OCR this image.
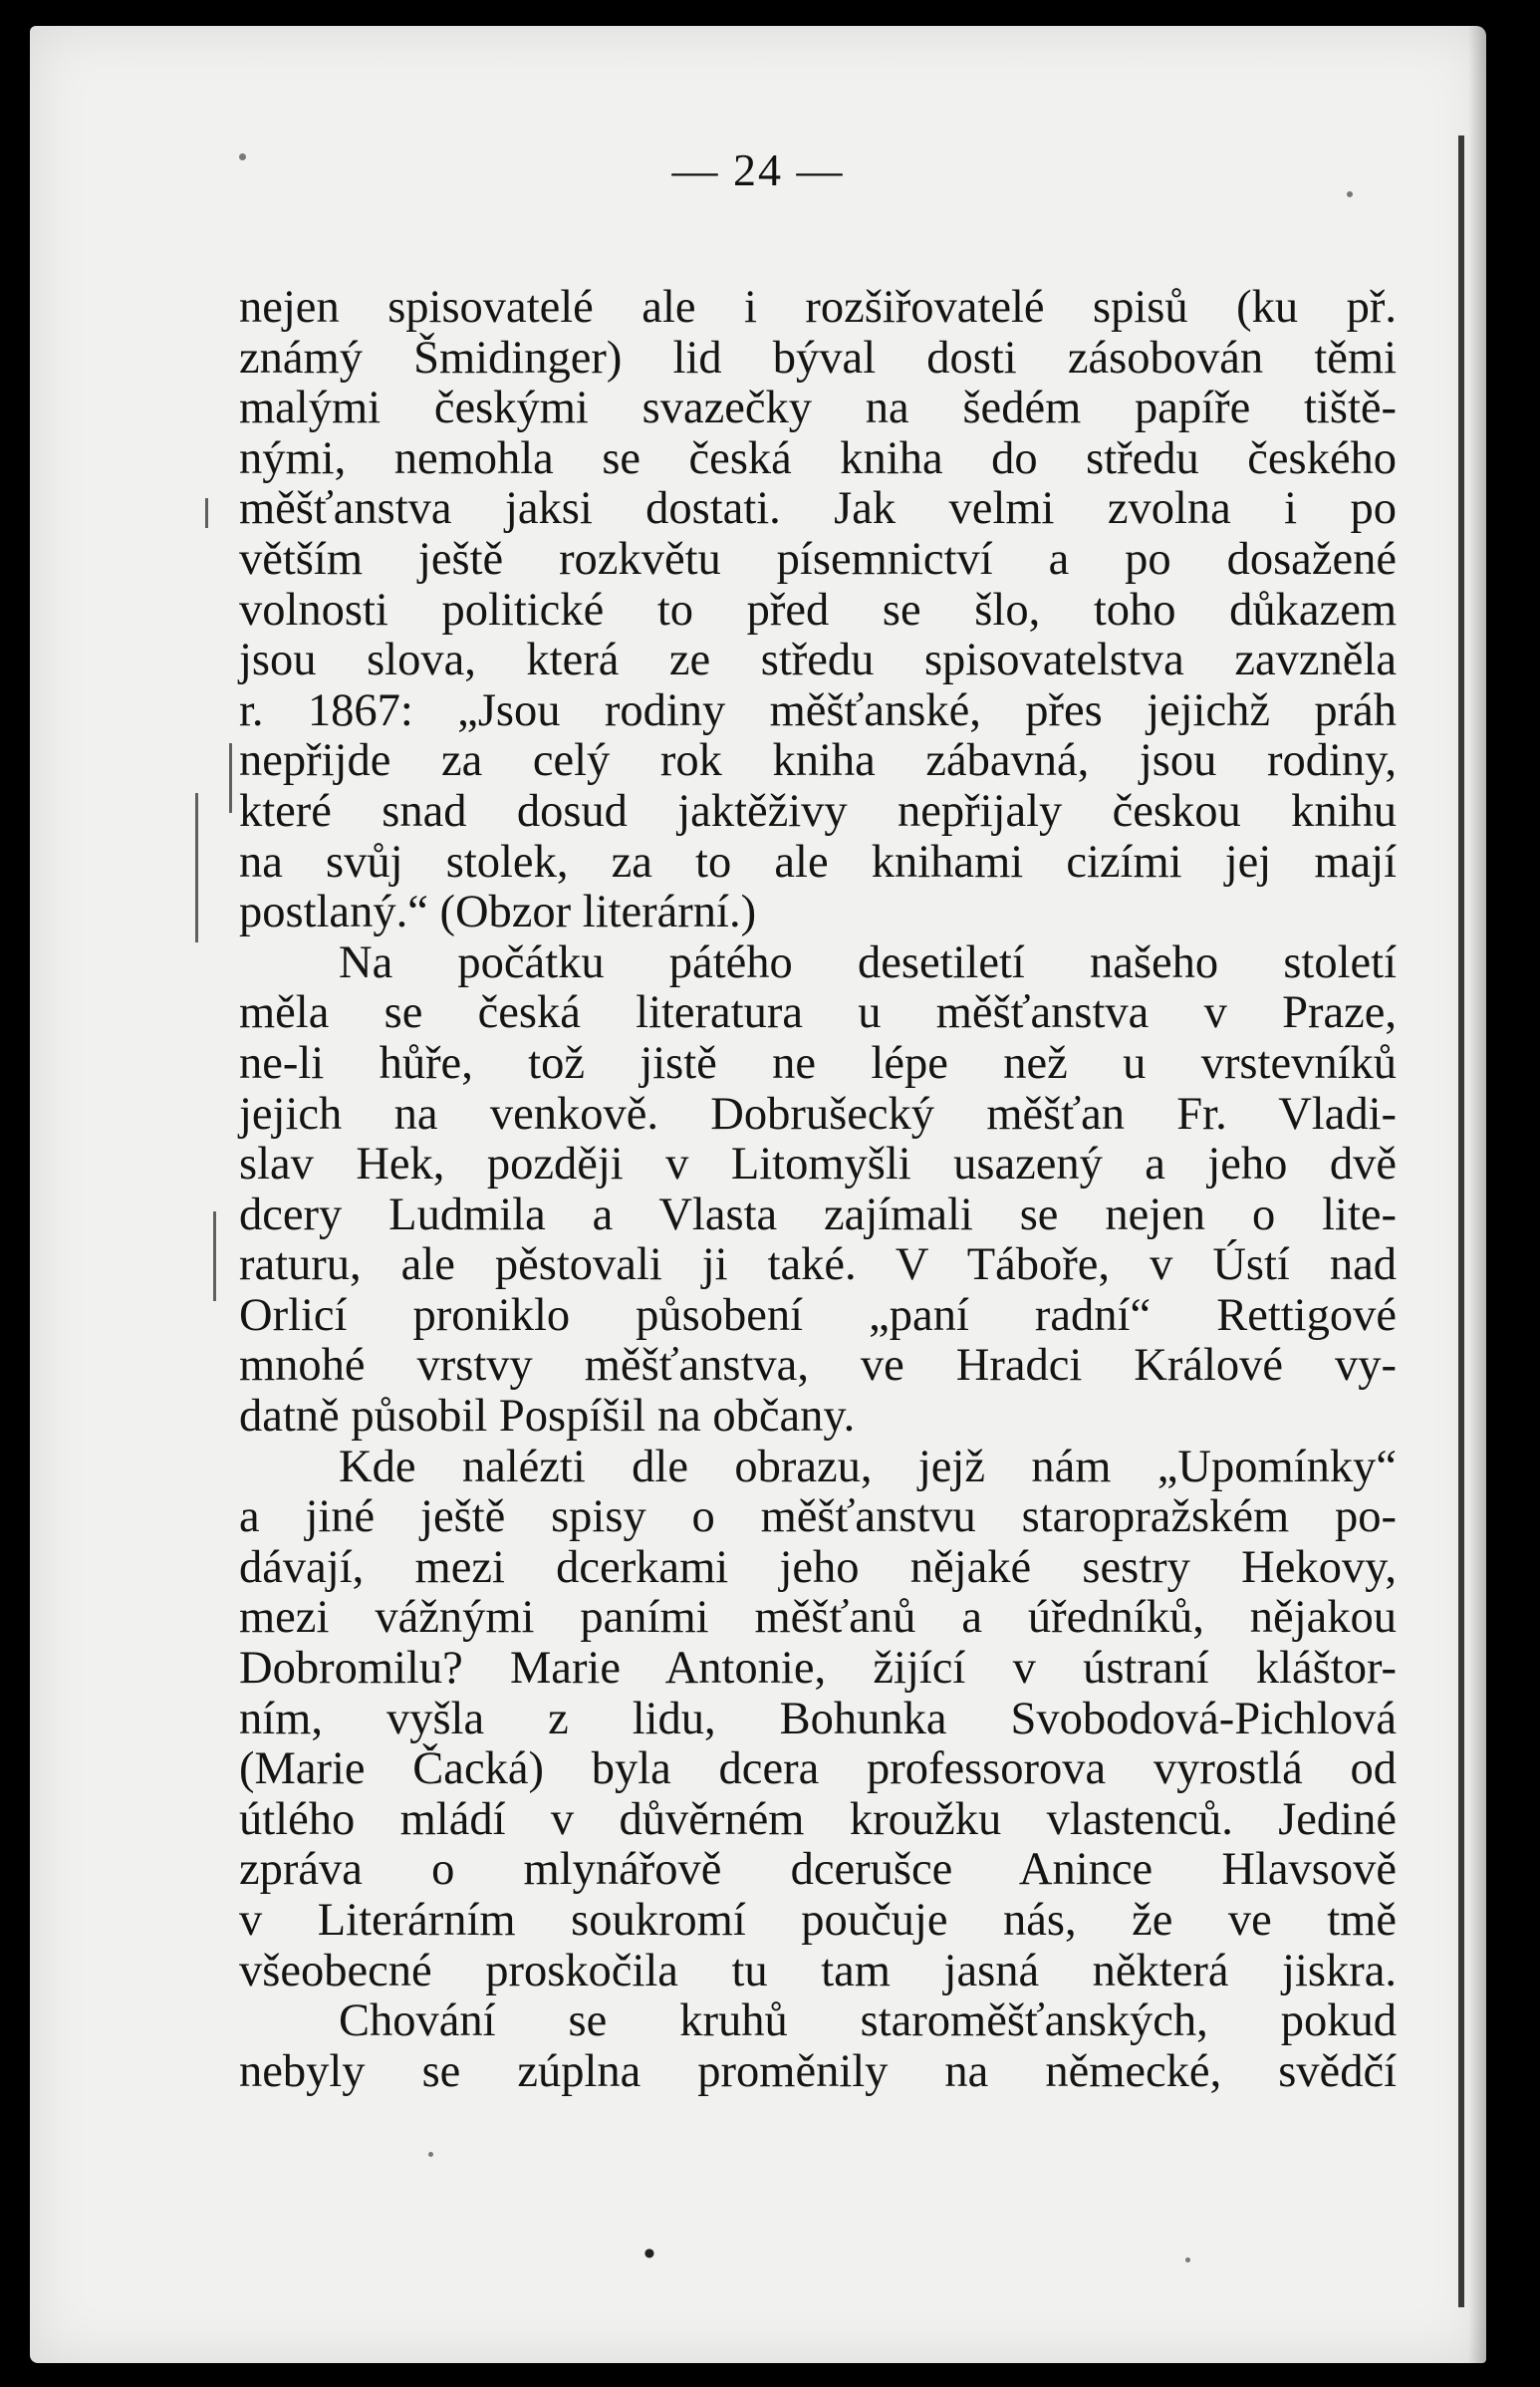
— 24 —
nejen spisovatelé ale i rozšiřovatelé spisů (ku př.
známý Šmidinger) lid býval dosti zásobován těmi
malými českými svazečky na šedém papíře tiště-
nými, nemohla se česká kniha do středu českého
měšťanstva jaksi dostati. Jak velmi zvolna i po
větším ještě rozkvětu písemnictví a po dosažené
volnosti politické to před se šlo, toho důkazem
jsou slova, která ze středu spisovatelstva zavzněla
r. 1867: „Jsou rodiny měšťanské, přes jejichž práh
nepřijde za celý rok kniha zábavná, jsou rodiny,
které snad dosud jaktěživy nepřijaly českou knihu
na svůj stolek, za to ale knihami cizími jej mají
postlaný.“ (Obzor literární.)
Na počátku pátého desetiletí našeho století
měla se česká literatura u měšťanstva v Praze,
ne-li hůře, tož jistě ne lépe než u vrstevníků
jejich na venkově. Dobrušecký měšťan Fr. Vladi-
slav Hek, později v Litomyšli usazený a jeho dvě
dcery Ludmila a Vlasta zajímali se nejen o lite-
raturu, ale pěstovali ji také. V Táboře, v Ústí nad
Orlicí proniklo působení „paní radní“ Rettigové
mnohé vrstvy měšťanstva, ve Hradci Králové vy-
datně působil Pospíšil na občany.
Kde nalézti dle obrazu, jejž nám „Upomínky“
a jiné ještě spisy o měšťanstvu staropražském po-
dávají, mezi dcerkami jeho nějaké sestry Hekovy,
mezi vážnými paními měšťanů a úředníků, nějakou
Dobromilu? Marie Antonie, žijící v ústraní kláštor-
ním, vyšla z lidu, Bohunka Svobodová-Pichlová
(Marie Čacká) byla dcera professorova vyrostlá od
útlého mládí v důvěrném kroužku vlastenců. Jediné
zpráva o mlynářově dcerušce Anince Hlavsově
v Literárním soukromí poučuje nás, že ve tmě
všeobecné proskočila tu tam jasná některá jiskra.
Chování se kruhů staroměšťanských, pokud
nebyly se zúplna proměnily na německé, svědčí
•
